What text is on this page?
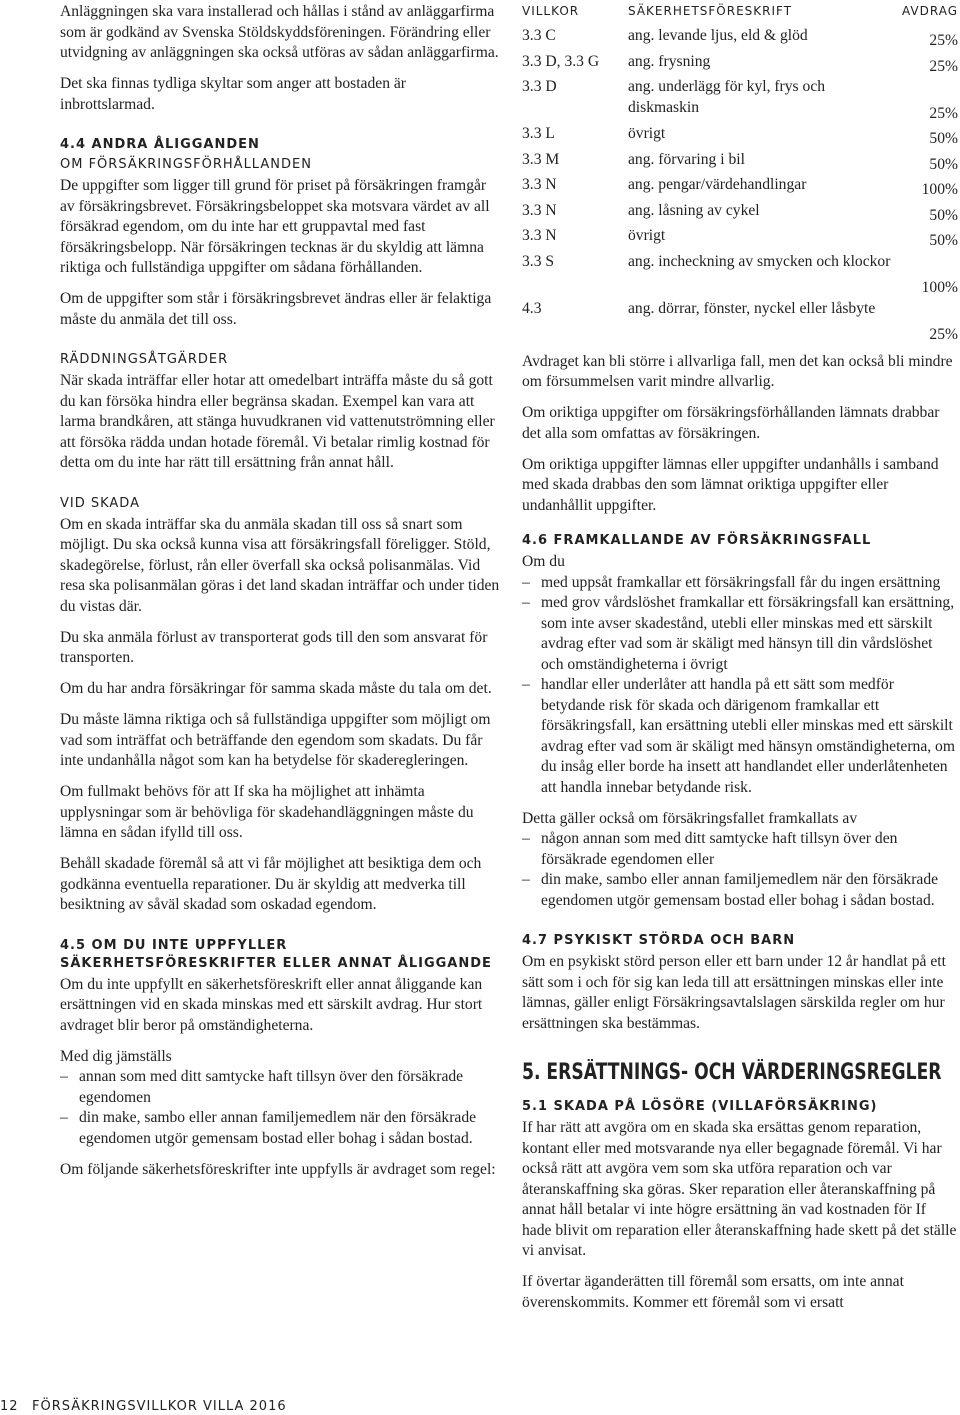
Anläggningen ska vara installerad och hållas i stånd av anläggarfirma som är godkänd av Svenska Stöldskyddsföreningen. Förändring eller utvidgning av anläggningen ska också utföras av sådan anläggarfirma.

Det ska finnas tydliga skyltar som anger att bostaden är inbrottslarmad.

4.4 ANDRA ÅLIGGANDEN
OM FÖRSÄKRINGSFÖRHÅLLANDEN

De uppgifter som ligger till grund för priset på försäkringen framgår av försäkringsbrevet. Försäkringsbeloppet ska motsvara värdet av all försäkrad egendom, om du inte har ett gruppavtal med fast försäkringsbelopp. När försäkringen tecknas är du skyldig att lämna riktiga och fullständiga uppgifter om sådana förhållanden.

Om de uppgifter som står i försäkringsbrevet ändras eller är felaktiga måste du anmäla det till oss.

RÄDDNINGSÅTGÄRDER

När skada inträffar eller hotar att omedelbart inträffa måste du så gott du kan försöka hindra eller begränsa skadan. Exempel kan vara att larma brandkåren, att stänga huvudkranen vid vattenutströmning eller att försöka rädda undan hotade föremål. Vi betalar rimlig kostnad för detta om du inte har rätt till ersättning från annat håll.

VID SKADA

Om en skada inträffar ska du anmäla skadan till oss så snart som möjligt. Du ska också kunna visa att försäkringsfall föreligger. Stöld, skadegörelse, förlust, rån eller överfall ska också polisanmälas. Vid resa ska polisanmälan göras i det land skadan inträffar och under tiden du vistas där.

Du ska anmäla förlust av transporterat gods till den som ansvarat för transporten.

Om du har andra försäkringar för samma skada måste du tala om det.

Du måste lämna riktiga och så fullständiga uppgifter som möjligt om vad som inträffat och beträffande den egendom som skadats. Du får inte undanhålla något som kan ha betydelse för skaderegleringen.

Om fullmakt behövs för att If ska ha möjlighet att inhämta upplysningar som är behövliga för skadehandläggningen måste du lämna en sådan ifylld till oss.

Behåll skadade föremål så att vi får möjlighet att besiktiga dem och godkänna eventuella reparationer. Du är skyldig att medverka till besiktning av såväl skadad som oskadad egendom.

4.5 OM DU INTE UPPFYLLER SÄKERHETSFÖRESKRIFTER ELLER ANNAT ÅLIGGANDE

Om du inte uppfyllt en säkerhetsföreskrift eller annat åliggande kan ersättningen vid en skada minskas med ett särskilt avdrag. Hur stort avdraget blir beror på omständigheterna.

Med dig jämställs

– annan som med ditt samtycke haft tillsyn över den försäkrade egendomen
– din make, sambo eller annan familjemedlem när den försäkrade egendomen utgör gemensam bostad eller bohag i sådan bostad.

Om följande säkerhetsföreskrifter inte uppfylls är avdraget som regel:

12 FÖRSÄKRINGSVILLKOR VILLA 2016
VILLKOR	SÄKERHETSFÖRESKRIFT	AVDRAG
3.3 C	ang. levande ljus, eld & glöd	25%
3.3 D, 3.3 G	ang. frysning	25%
3.3 D	ang. underlägg för kyl, frys och diskmaskin	25%
3.3 L	övrigt	50%
3.3 M	ang. förvaring i bil	50%
3.3 N	ang. pengar/värdehandlingar	100%
3.3 N	ang. låsning av cykel	50%
3.3 N	övrigt	50%
3.3 S	ang. incheckning av smycken och klockor	100%
4.3	ang. dörrar, fönster, nyckel eller låsbyte	25%

Avdraget kan bli större i allvarliga fall, men det kan också bli mindre om försummelsen varit mindre allvarlig.

Om oriktiga uppgifter om försäkringsförhållanden lämnats drabbar det alla som omfattas av försäkringen.

Om oriktiga uppgifter lämnas eller uppgifter undanhålls i samband med skada drabbas den som lämnat oriktiga uppgifter eller undanhållit uppgifter.

4.6 FRAMKALLANDE AV FÖRSÄKRINGSFALL

Om du

– med uppsåt framkallar ett försäkringsfall får du ingen ersättning
– med grov vårdslöshet framkallar ett försäkringsfall kan ersättning, som inte avser skadestånd, utebli eller minskas med ett särskilt avdrag efter vad som är skäligt med hänsyn till din vårdslöshet och omständigheterna i övrigt
– handlar eller underlåter att handla på ett sätt som medför betydande risk för skada och därigenom framkallar ett försäkringsfall, kan ersättning utebli eller minskas med ett särskilt avdrag efter vad som är skäligt med hänsyn omständigheterna, om du insåg eller borde ha insett att handlandet eller underlåtenheten att handla innebar betydande risk.

Detta gäller också om försäkringsfallet framkallats av

– någon annan som med ditt samtycke haft tillsyn över den försäkrade egendomen eller
– din make, sambo eller annan familjemedlem när den försäkrade egendomen utgör gemensam bostad eller bohag i sådan bostad.
4.7 PSYKISKT STÖRDA OCH BARN

Om en psykiskt störd person eller ett barn under 12 år handlat på ett sätt som i och för sig kan leda till att ersättningen minskas eller inte lämnas, gäller enligt Försäkringsavtalslagen särskilda regler om hur ersättningen ska bestämmas.

5. ERSÄTTNINGS- OCH VÄRDERINGSREGLER
5.1 SKADA PÅ LÖSÖRE (VILLAFÖRSÄKRING)

If har rätt att avgöra om en skada ska ersättas genom reparation, kontant eller med motsvarande nya eller begagnade föremål. Vi har också rätt att avgöra vem som ska utföra reparation och var återanskaffning ska göras. Sker reparation eller återanskaffning på annat håll betalar vi inte högre ersättning än vad kostnaden för If hade blivit om reparation eller återanskaffning hade skett på det ställe vi anvisat.

If övertar äganderätten till föremål som ersatts, om inte annat överenskommits. Kommer ett föremål som vi ersatt
